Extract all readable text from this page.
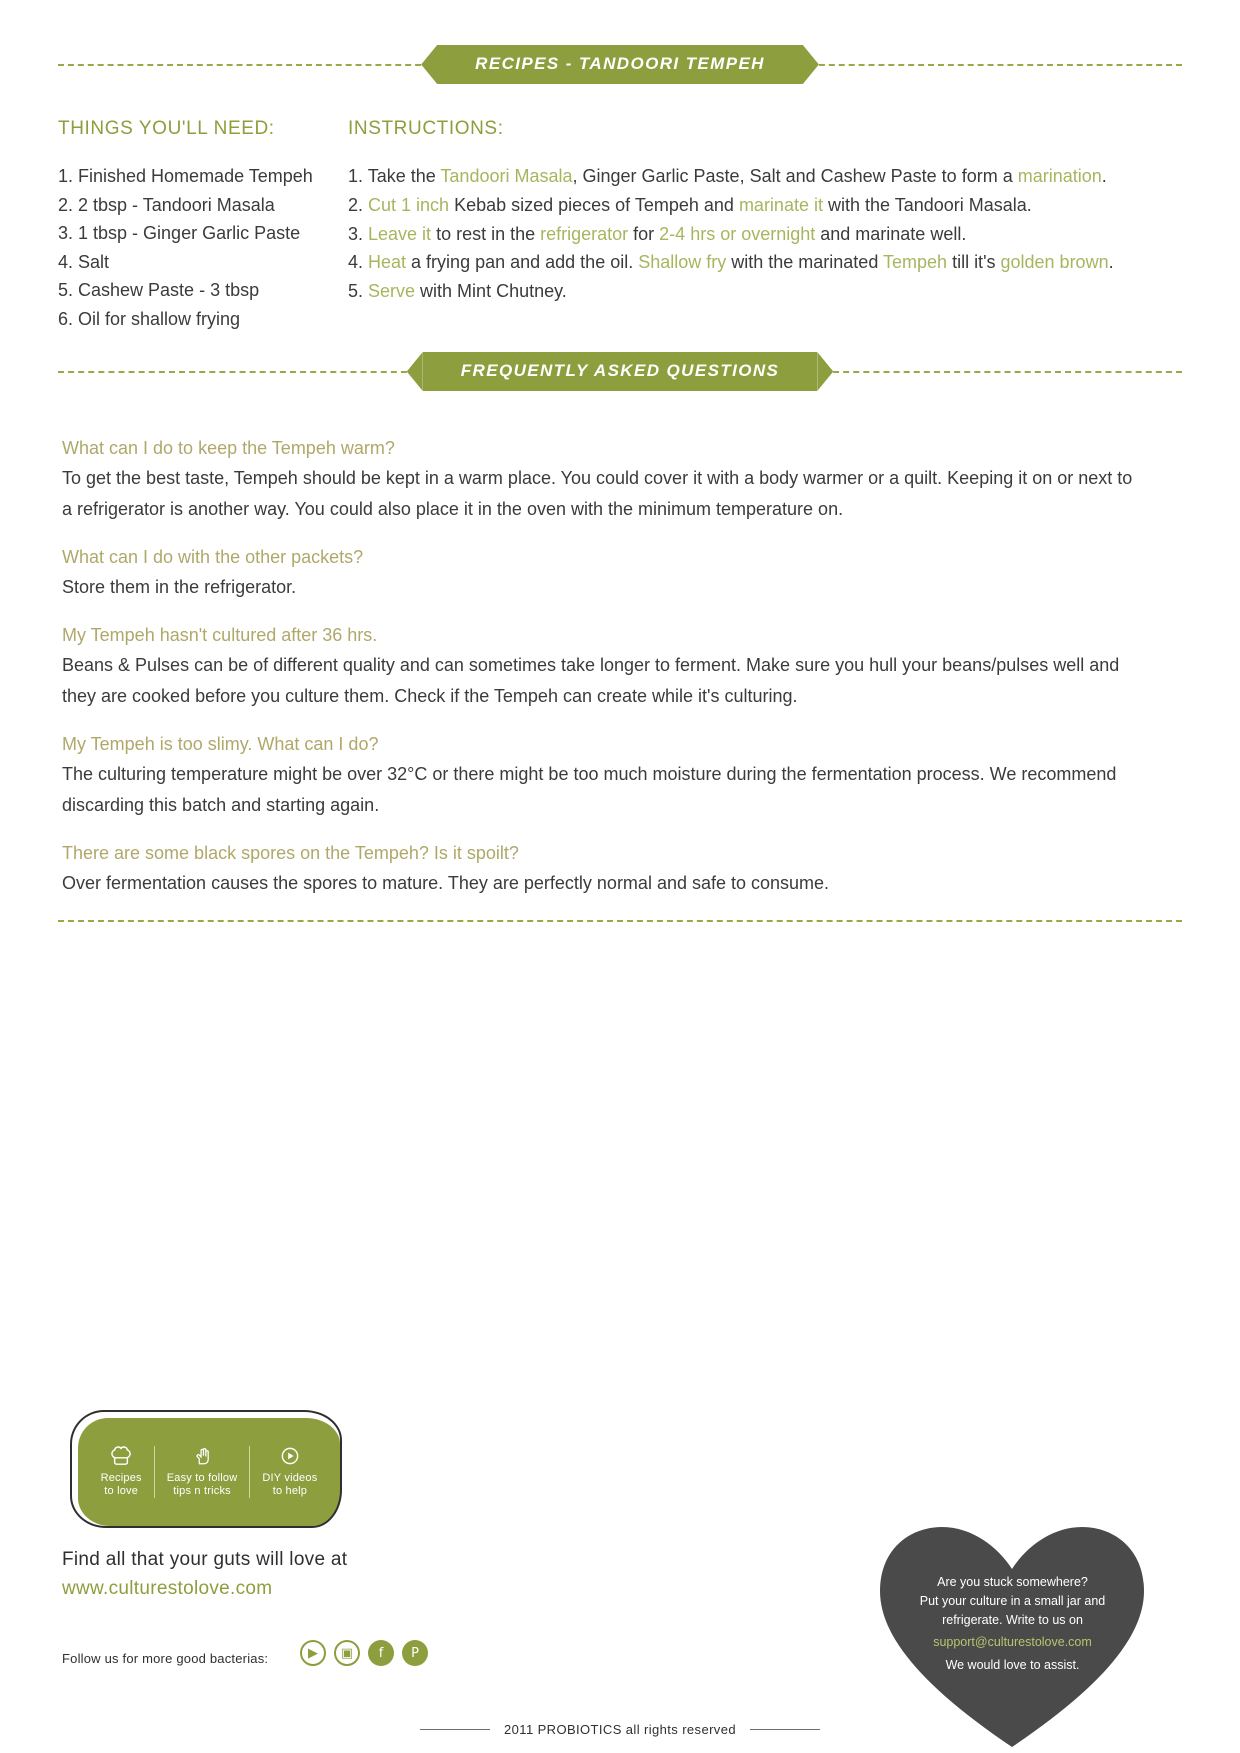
RECIPES - TANDOORI TEMPEH
THINGS YOU'LL NEED:
1. Finished Homemade Tempeh
2. 2 tbsp - Tandoori Masala
3. 1 tbsp - Ginger Garlic Paste
4. Salt
5. Cashew Paste - 3 tbsp
6. Oil for shallow frying
INSTRUCTIONS:
1. Take the Tandoori Masala, Ginger Garlic Paste, Salt and Cashew Paste to form a marination.
2. Cut 1 inch Kebab sized pieces of Tempeh and marinate it with the Tandoori Masala.
3. Leave it to rest in the refrigerator for 2-4 hrs or overnight and marinate well.
4. Heat a frying pan and add the oil. Shallow fry with the marinated Tempeh till it's golden brown.
5. Serve with Mint Chutney.
FREQUENTLY ASKED QUESTIONS
What can I do to keep the Tempeh warm?
To get the best taste, Tempeh should be kept in a warm place. You could cover it with a body warmer or a quilt. Keeping it on or next to a refrigerator is another way. You could also place it in the oven with the minimum temperature on.
What can I do with the other packets?
Store them in the refrigerator.
My Tempeh hasn't cultured after 36 hrs.
Beans & Pulses can be of different quality and can sometimes take longer to ferment. Make sure you hull your beans/pulses well and they are cooked before you culture them. Check if the Tempeh can create while it's culturing.
My Tempeh is too slimy. What can I do?
The culturing temperature might be over 32°C or there might be too much moisture during the fermentation process. We recommend discarding this batch and starting again.
There are some black spores on the Tempeh? Is it spoilt?
Over fermentation causes the spores to mature. They are perfectly normal and safe to consume.
Recipes
to love
Easy to follow
tips n tricks
DIY videos
to help
Find all that your guts will love at
www.culturestolove.com
Follow us for more good bacterias:	▶	▣	f	P
Are you stuck somewhere?
Put your culture in a small jar and
refrigerate. Write to us on
support@culturestolove.com
We would love to assist.
2011 PROBIOTICS all rights reserved
